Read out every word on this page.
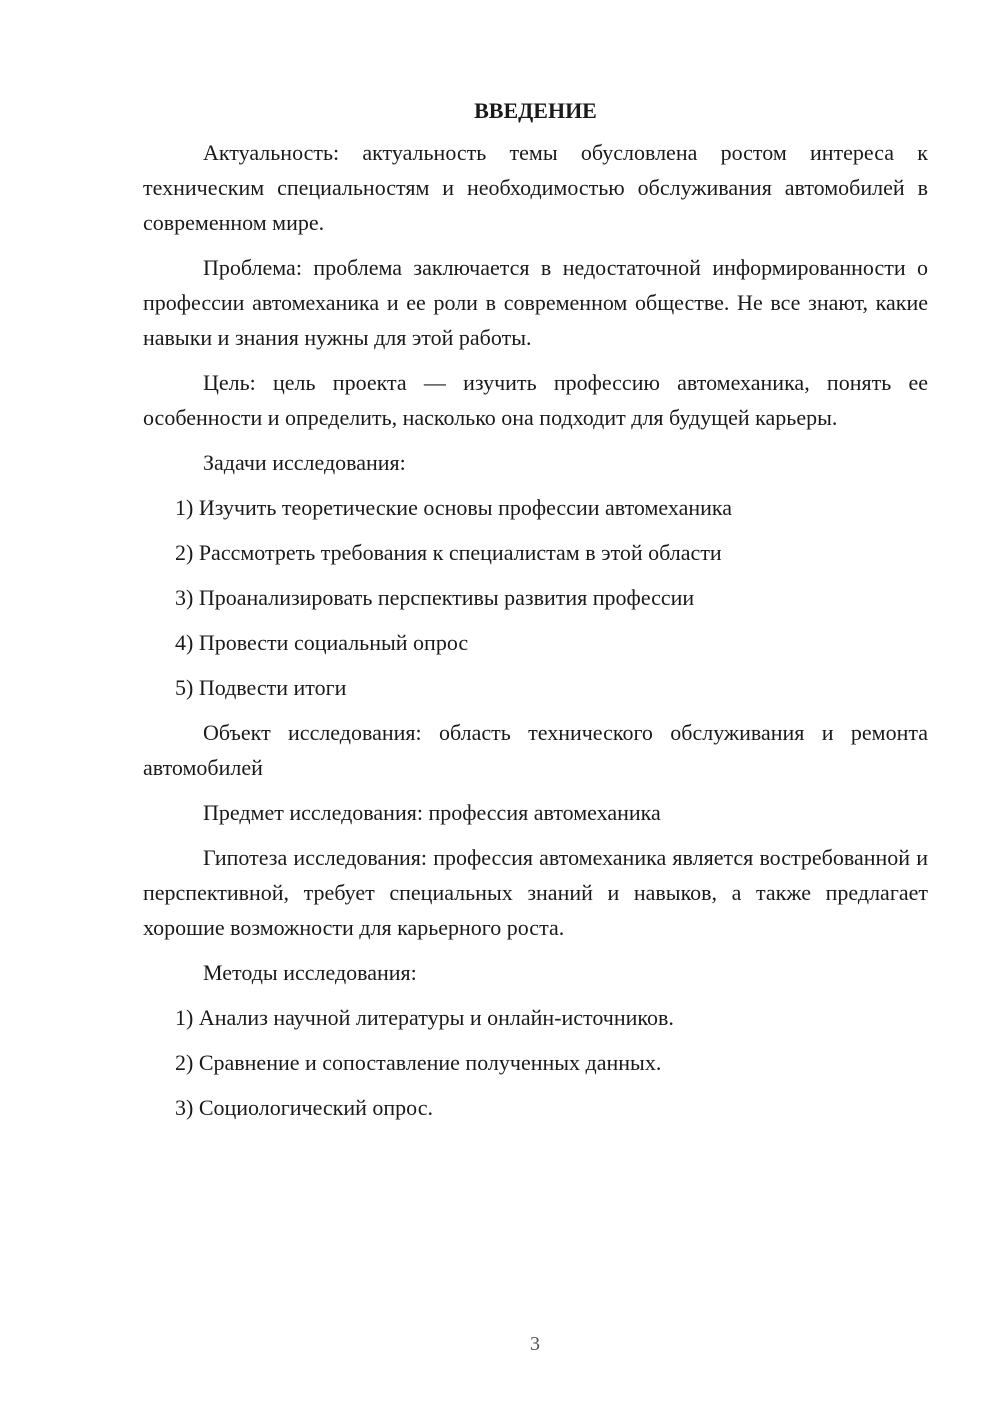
ВВЕДЕНИЕ

Актуальность: актуальность темы обусловлена ростом интереса к техническим специальностям и необходимостью обслуживания автомобилей в современном мире.

Проблема: проблема заключается в недостаточной информированности о профессии автомеханика и ее роли в современном обществе. Не все знают, какие навыки и знания нужны для этой работы.

Цель: цель проекта — изучить профессию автомеханика, понять ее особенности и определить, насколько она подходит для будущей карьеры.

Задачи исследования:

1) Изучить теоретические основы профессии автомеханика
2) Рассмотреть требования к специалистам в этой области
3) Проанализировать перспективы развития профессии
4) Провести социальный опрос
5) Подвести итоги

Объект исследования: область технического обслуживания и ремонта автомобилей

Предмет исследования: профессия автомеханика

Гипотеза исследования: профессия автомеханика является востребованной и перспективной, требует специальных знаний и навыков, а также предлагает хорошие возможности для карьерного роста.

Методы исследования:

1) Анализ научной литературы и онлайн-источников.
2) Сравнение и сопоставление полученных данных.
3) Социологический опрос.
3
